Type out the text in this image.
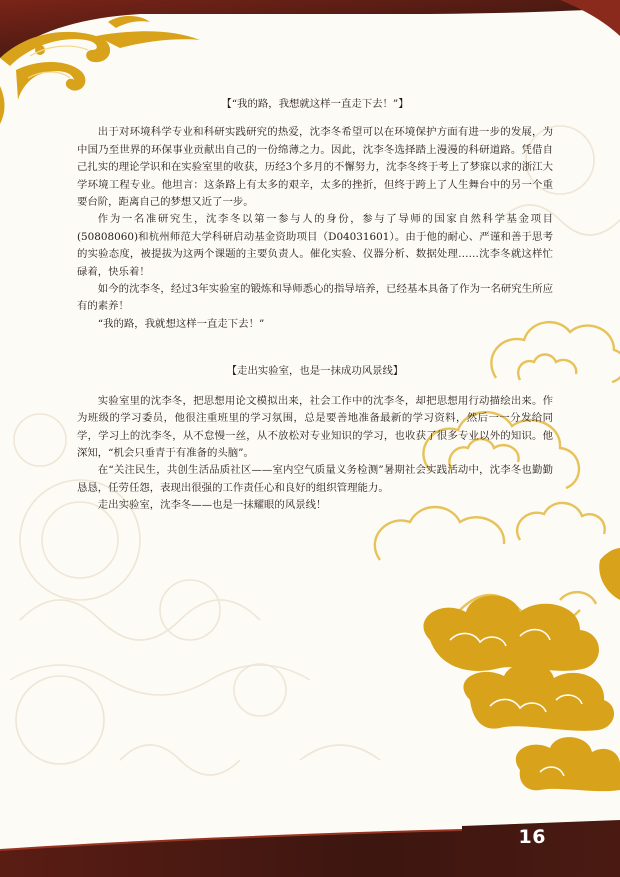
【“我的路，我想就这样一直走下去！”】

出于对环境科学专业和科研实践研究的热爱，沈李冬希望可以在环境保护方面有进一步的发展，为中国乃至世界的环保事业贡献出自己的一份绵薄之力。因此，沈李冬选择踏上漫漫的科研道路。凭借自己扎实的理论学识和在实验室里的收获，历经3个多月的不懈努力，沈李冬终于考上了梦寐以求的浙江大学环境工程专业。他坦言：这条路上有太多的艰辛，太多的挫折，但终于跨上了人生舞台中的另一个重要台阶，距离自己的梦想又近了一步。

作为一名准研究生，沈李冬以第一参与人的身份，参与了导师的国家自然科学基金项目(50808060)和杭州师范大学科研启动基金资助项目（D04031601）。由于他的耐心、严谨和善于思考的实验态度，被提拔为这两个课题的主要负责人。催化实验、仪器分析、数据处理……沈李冬就这样忙碌着，快乐着！

如今的沈李冬，经过3年实验室的锻炼和导师悉心的指导培养，已经基本具备了作为一名研究生所应有的素养！

“我的路，我就想这样一直走下去！”

【走出实验室，也是一抹成功风景线】

实验室里的沈李冬，把思想用论文模拟出来，社会工作中的沈李冬，却把思想用行动描绘出来。作为班级的学习委员，他很注重班里的学习氛围，总是要善地准备最新的学习资料，然后一一分发给同学，学习上的沈李冬，从不怠慢一丝，从不放松对专业知识的学习，也收获了很多专业以外的知识。他深知，“机会只垂青于有准备的头脑”。

在“关注民生，共创生活品质社区——室内空气质量义务检测”暑期社会实践活动中，沈李冬也勤勤恳恳，任劳任怨，表现出很强的工作责任心和良好的组织管理能力。

走出实验室，沈李冬——也是一抹耀眼的风景线！

16
